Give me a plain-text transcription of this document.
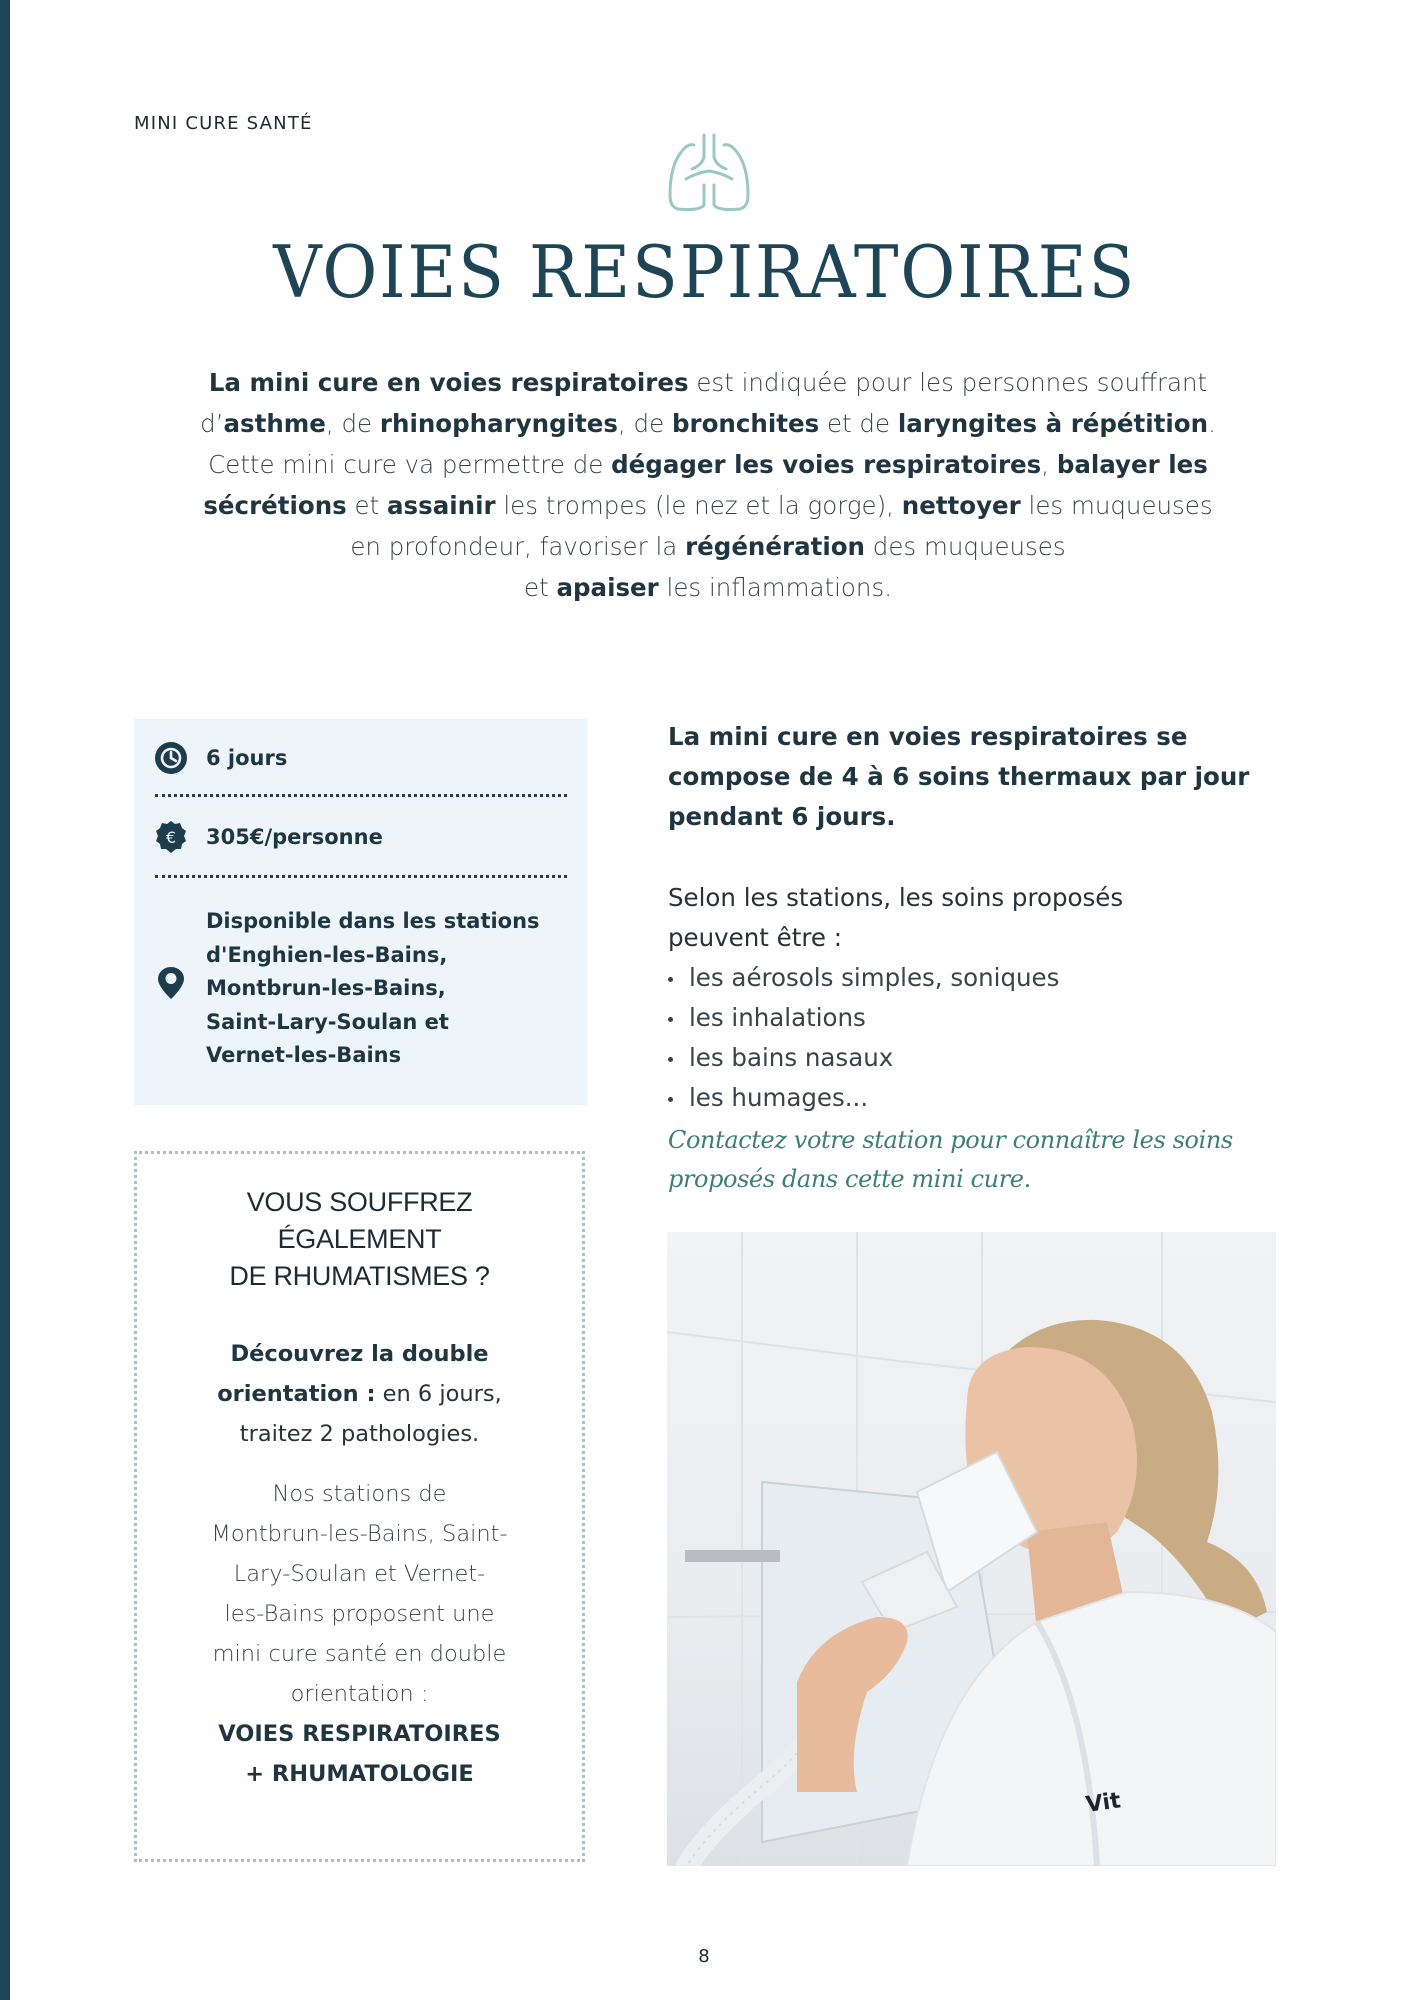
MINI CURE SANTÉ
VOIES RESPIRATOIRES

La mini cure en voies respiratoires est indiquée pour les personnes souffrant
d’asthme, de rhinopharyngites, de bronchites et de laryngites à répétition.
Cette mini cure va permettre de dégager les voies respiratoires, balayer les
sécrétions et assainir les trompes (le nez et la gorge), nettoyer les muqueuses
en profondeur, favoriser la régénération des muqueuses
et apaiser les inflammations.

6 jours
€ 305€/personne
Disponible dans les stations
d'Enghien-les-Bains,
Montbrun-les-Bains,
Saint-Lary-Soulan et
Vernet-les-Bains
VOUS SOUFFREZ
ÉGALEMENT
DE RHUMATISMES ?
Découvrez la double
orientation : en 6 jours,
traitez 2 pathologies.
Nos stations de
Montbrun-les-Bains, Saint-
Lary-Soulan et Vernet-
les-Bains proposent une
mini cure santé en double
orientation :
VOIES RESPIRATOIRES
+ RHUMATOLOGIE
La mini cure en voies respiratoires se
compose de 4 à 6 soins thermaux par jour
pendant 6 jours.
Selon les stations, les soins proposés
peuvent être :
les aérosols simples, soniques
les inhalations
les bains nasaux
les humages...
Contactez votre station pour connaître les soins
proposés dans cette mini cure.
Vit
8
